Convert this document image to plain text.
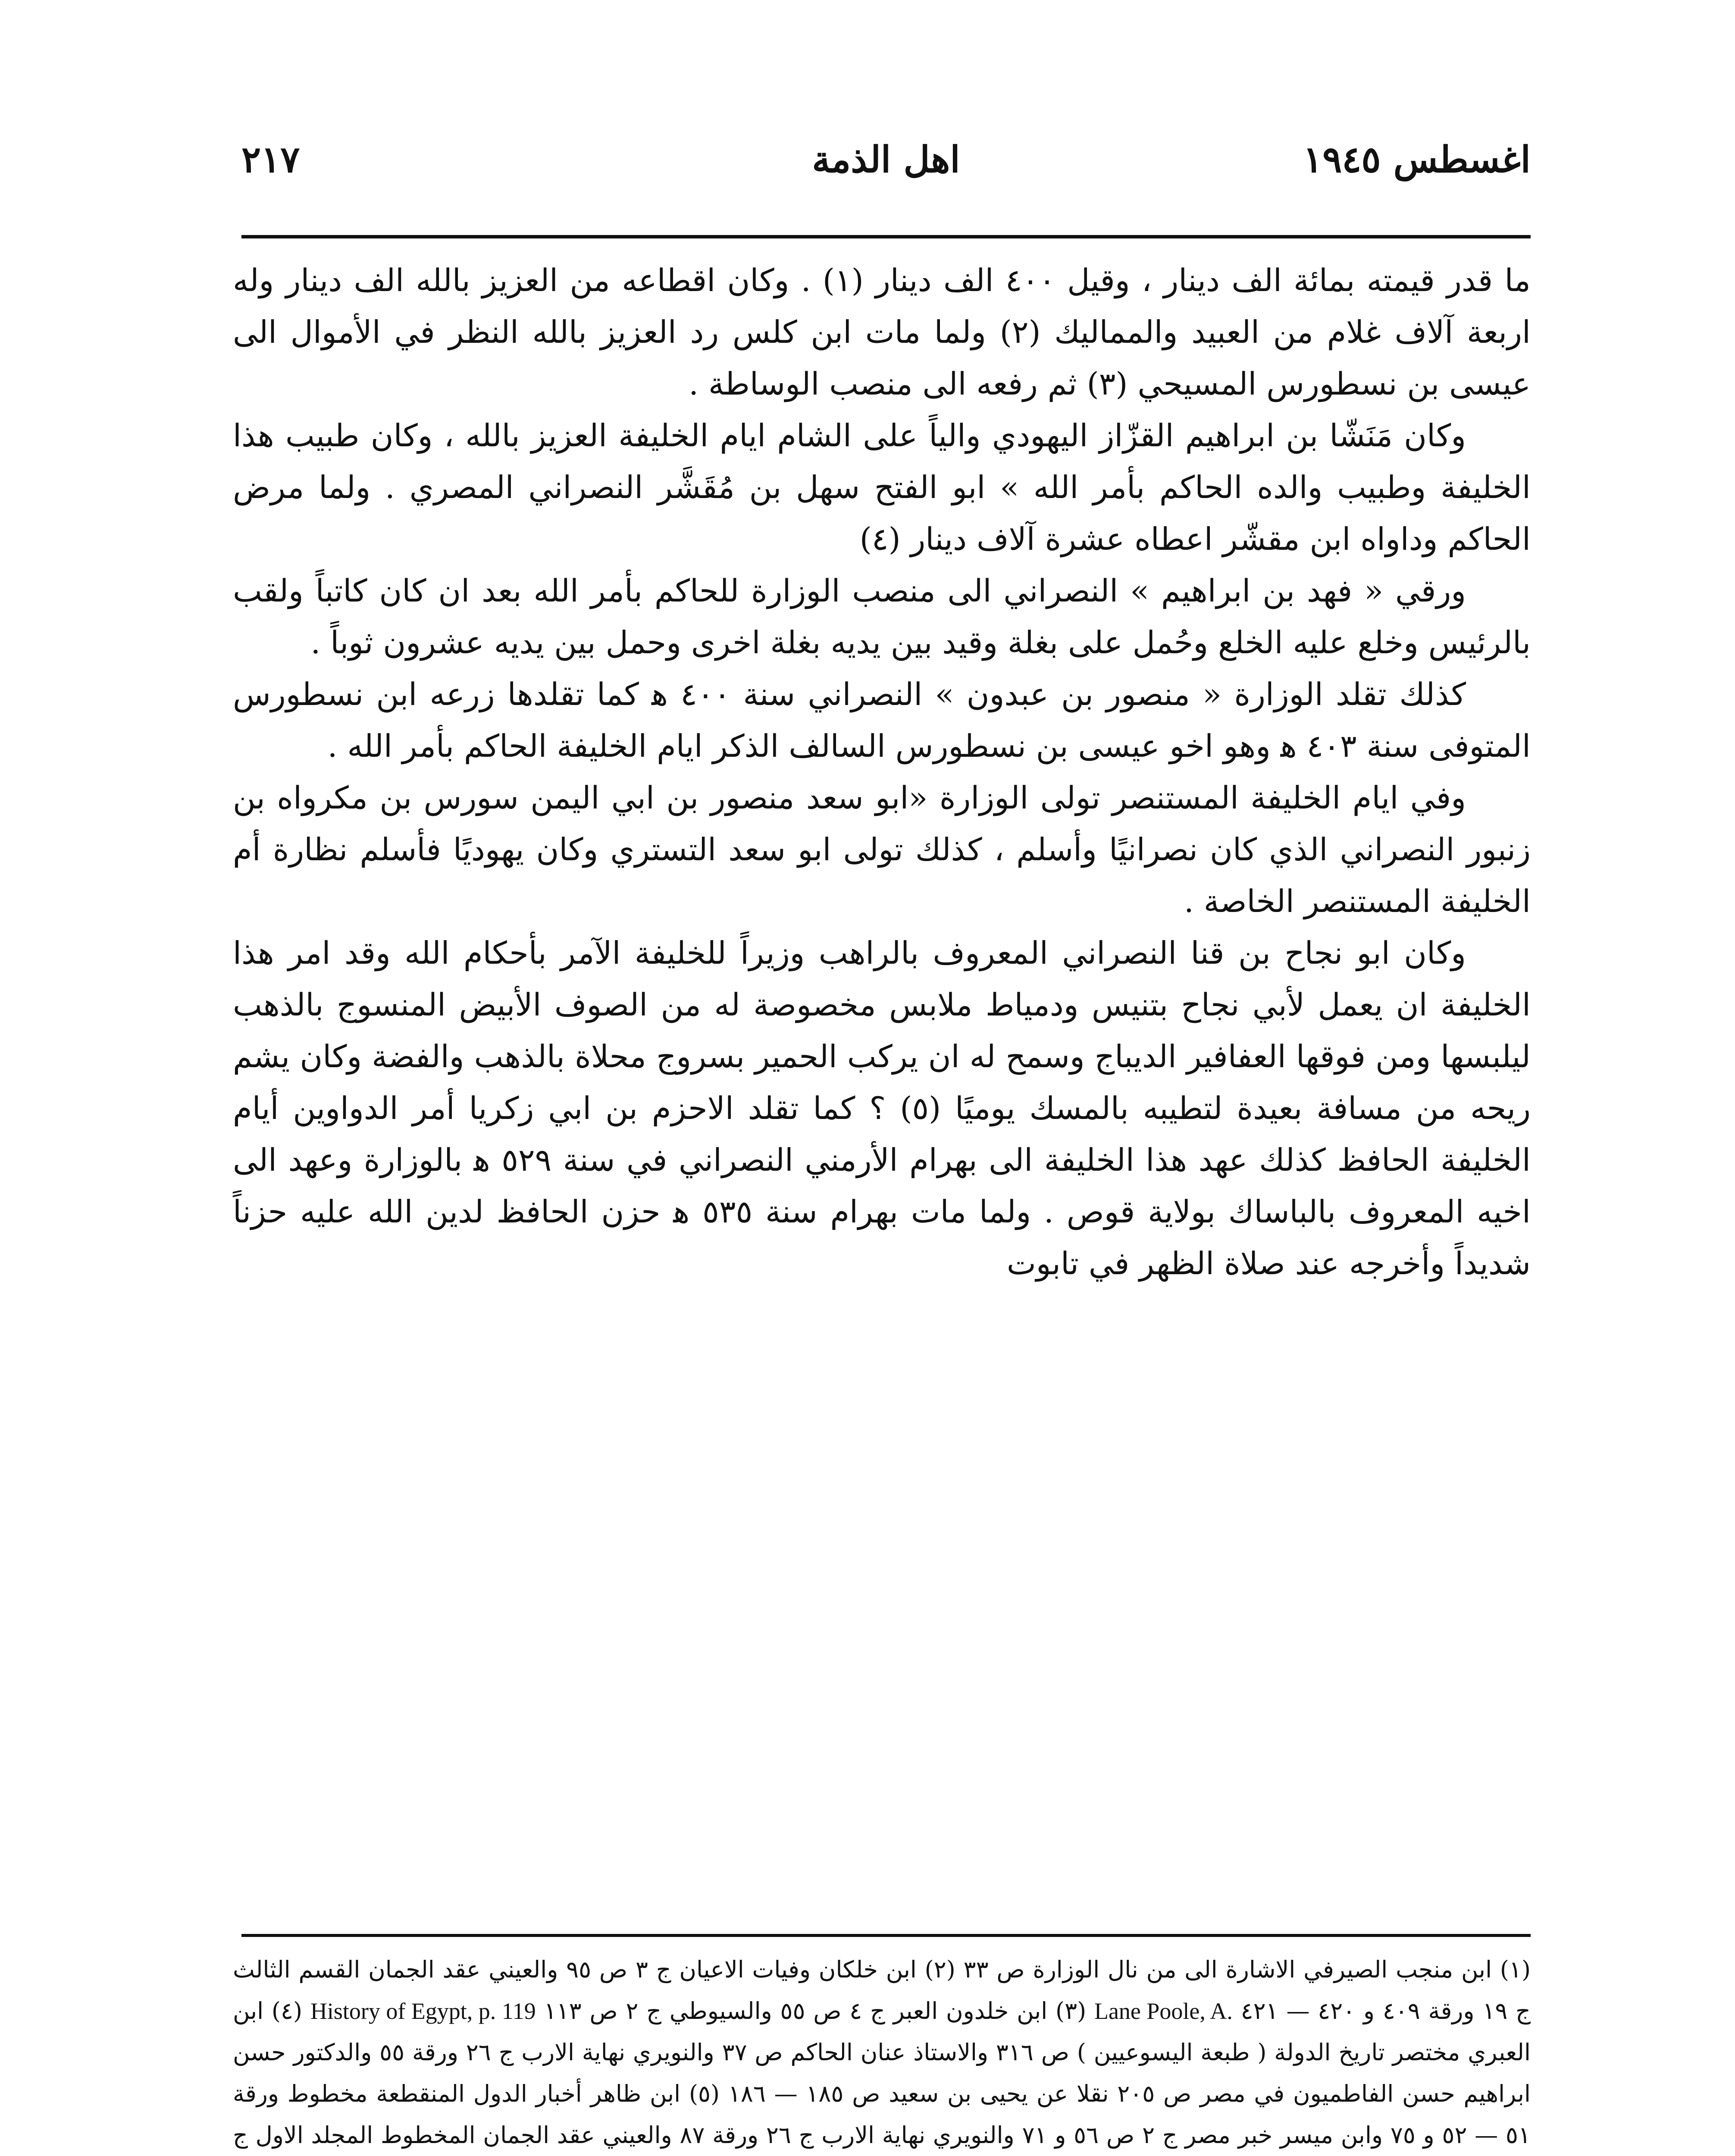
اغسطس ١٩٤٥
اهل الذمة
٢١٧

ما قدر قيمته بمائة الف دينار ، وقيل ٤٠٠ الف دينار (١) . وكان اقطاعه من العزيز بالله الف دينار وله اربعة آلاف غلام من العبيد والمماليك (٢) ولما مات ابن كلس رد العزيز بالله النظر في الأموال الى عيسى بن نسطورس المسيحي (٣) ثم رفعه الى منصب الوساطة .

وكان مَنَشّا بن ابراهيم القزّاز اليهودي والياً على الشام ايام الخليفة العزيز بالله ، وكان طبيب هذا الخليفة وطبيب والده الحاكم بأمر الله » ابو الفتح سهل بن مُقَشَّر النصراني المصري . ولما مرض الحاكم وداواه ابن مقشّر اعطاه عشرة آلاف دينار (٤)

ورقي « فهد بن ابراهيم » النصراني الى منصب الوزارة للحاكم بأمر الله بعد ان كان كاتباً ولقب بالرئيس وخلع عليه الخلع وحُمل على بغلة وقيد بين يديه بغلة اخرى وحمل بين يديه عشرون ثوباً .

كذلك تقلد الوزارة « منصور بن عبدون » النصراني سنة ٤٠٠ ﻫ كما تقلدها زرعه ابن نسطورس المتوفى سنة ٤٠٣ ﻫ وهو اخو عيسى بن نسطورس السالف الذكر ايام الخليفة الحاكم بأمر الله .

وفي ايام الخليفة المستنصر تولى الوزارة «ابو سعد منصور بن ابي اليمن سورس بن مكرواه بن زنبور النصراني الذي كان نصرانيًا وأسلم ، كذلك تولى ابو سعد التستري وكان يهوديًا فأسلم نظارة أم الخليفة المستنصر الخاصة .

وكان ابو نجاح بن قنا النصراني المعروف بالراهب وزيراً للخليفة الآمر بأحكام الله وقد امر هذا الخليفة ان يعمل لأبي نجاح بتنيس ودمياط ملابس مخصوصة له من الصوف الأبيض المنسوج بالذهب ليلبسها ومن فوقها العفافير الديباج وسمح له ان يركب الحمير بسروج محلاة بالذهب والفضة وكان يشم ريحه من مسافة بعيدة لتطيبه بالمسك يوميًا (٥) ؟ كما تقلد الاحزم بن ابي زكريا أمر الدواوين أيام الخليفة الحافظ كذلك عهد هذا الخليفة الى بهرام الأرمني النصراني في سنة ٥٢٩ ﻫ بالوزارة وعهد الى اخيه المعروف بالباساك بولاية قوص . ولما مات بهرام سنة ٥٣٥ ﻫ حزن الحافظ لدين الله عليه حزناً شديداً وأخرجه عند صلاة الظهر في تابوت

(١) ابن منجب الصيرفي الاشارة الى من نال الوزارة ص ٣٣ (٢) ابن خلكان وفيات الاعيان ج ٣ ص ٩٥ والعيني عقد الجمان القسم الثالث ج ١٩ ورقة ٤٠٩ و ٤٢٠ — ٤٢١ Lane Poole, A. (٣) ابن خلدون العبر ج ٤ ص ٥٥ والسيوطي ج ٢ ص ١١٣ History of Egypt, p. 119 (٤) ابن العبري مختصر تاريخ الدولة ( طبعة اليسوعيين ) ص ٣١٦ والاستاذ عنان الحاكم ص ٣٧ والنويري نهاية الارب ج ٢٦ ورقة ٥٥ والدكتور حسن ابراهيم حسن الفاطميون في مصر ص ٢٠٥ نقلا عن يحيى بن سعيد ص ١٨٥ — ١٨٦ (٥) ابن ظاهر أخبار الدول المنقطعة مخطوط ورقة ٥١ — ٥٢ و ٧٥ وابن ميسر خبر مصر ج ٢ ص ٥٦ و ٧١ والنويري نهاية الارب ج ٢٦ ورقة ٨٧ والعيني عقد الجمان المخطوط المجلد الاول ج
